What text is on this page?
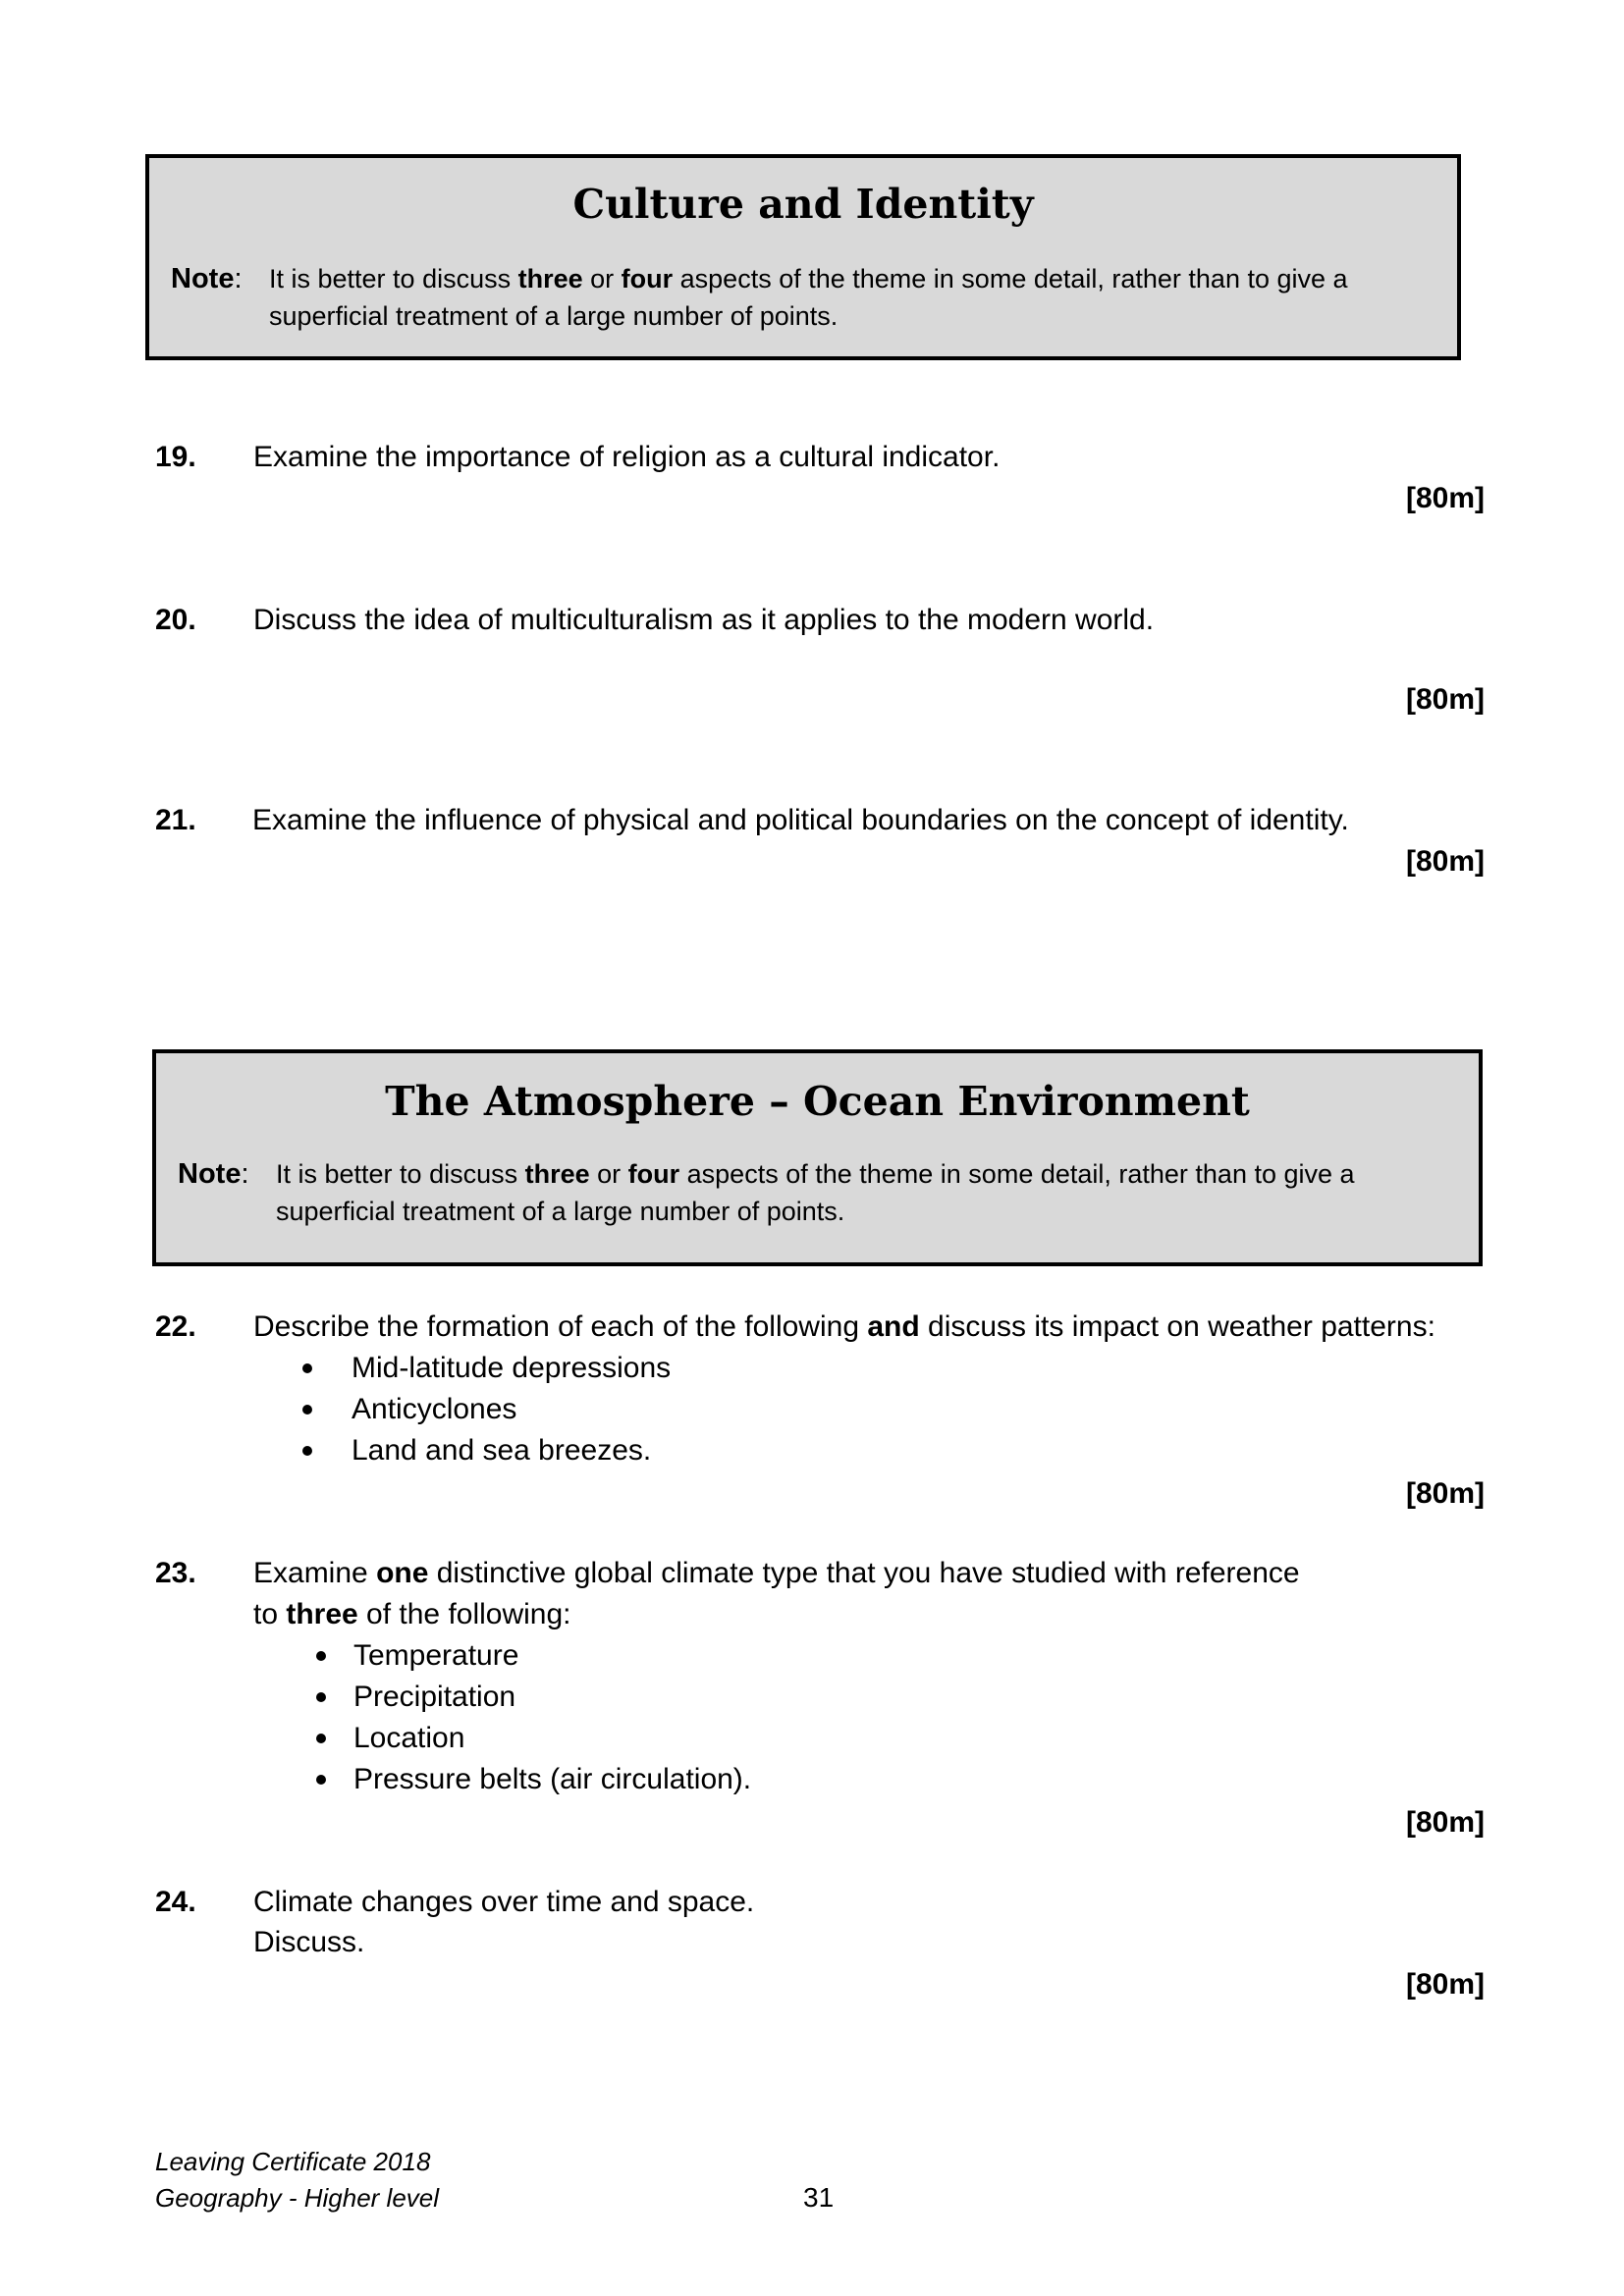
Culture and Identity
Note: It is better to discuss three or four aspects of the theme in some detail, rather than to give a superficial treatment of a large number of points.
19. Examine the importance of religion as a cultural indicator.
[80m]
20. Discuss the idea of multiculturalism as it applies to the modern world.
[80m]
21. Examine the influence of physical and political boundaries on the concept of identity.
[80m]
The Atmosphere – Ocean Environment
Note: It is better to discuss three or four aspects of the theme in some detail, rather than to give a superficial treatment of a large number of points.
22. Describe the formation of each of the following and discuss its impact on weather patterns:
Mid-latitude depressions
Anticyclones
Land and sea breezes.
[80m]
23. Examine one distinctive global climate type that you have studied with reference
to three of the following:
Temperature
Precipitation
Location
Pressure belts (air circulation).
[80m]
24. Climate changes over time and space.
Discuss.
[80m]
Leaving Certificate 2018
Geography - Higher level	31
